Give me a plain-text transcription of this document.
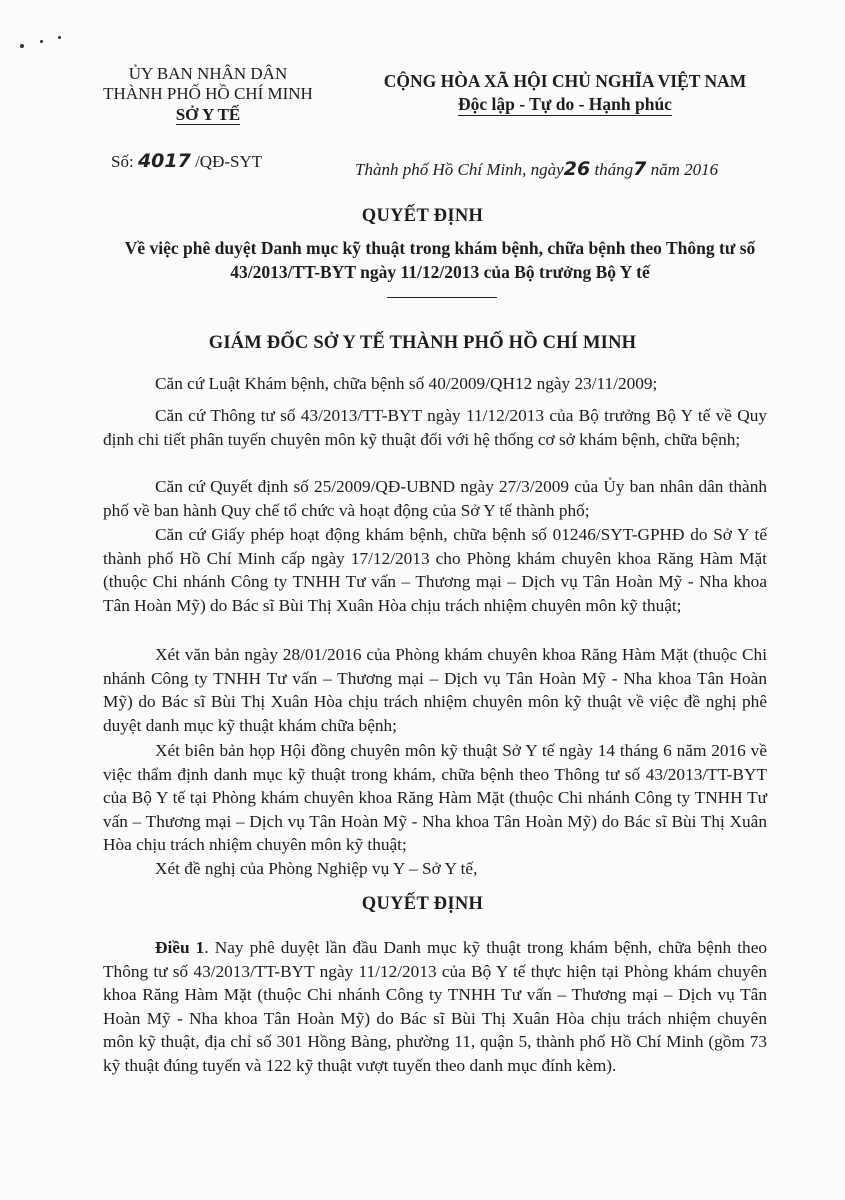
ỦY BAN NHÂN DÂN
THÀNH PHỐ HỒ CHÍ MINH
SỞ Y TẾ
CỘNG HÒA XÃ HỘI CHỦ NGHĨA VIỆT NAM
Độc lập - Tự do - Hạnh phúc
Số: 4017 /QĐ-SYT	Thành phố Hồ Chí Minh, ngày26 tháng7 năm 2016
QUYẾT ĐỊNH
Về việc phê duyệt Danh mục kỹ thuật trong khám bệnh, chữa bệnh theo Thông tư số 43/2013/TT-BYT ngày 11/12/2013 của Bộ trưởng Bộ Y tế
GIÁM ĐỐC SỞ Y TẾ THÀNH PHỐ HỒ CHÍ MINH
Căn cứ Luật Khám bệnh, chữa bệnh số 40/2009/QH12 ngày 23/11/2009;
Căn cứ Thông tư số 43/2013/TT-BYT ngày 11/12/2013 của Bộ trưởng Bộ Y tế về Quy định chi tiết phân tuyến chuyên môn kỹ thuật đối với hệ thống cơ sở khám bệnh, chữa bệnh;
Căn cứ Quyết định số 25/2009/QĐ-UBND ngày 27/3/2009 của Ủy ban nhân dân thành phố về ban hành Quy chế tổ chức và hoạt động của Sở Y tế thành phố;
Căn cứ Giấy phép hoạt động khám bệnh, chữa bệnh số 01246/SYT-GPHĐ do Sở Y tế thành phố Hồ Chí Minh cấp ngày 17/12/2013 cho Phòng khám chuyên khoa Răng Hàm Mặt (thuộc Chi nhánh Công ty TNHH Tư vấn – Thương mại – Dịch vụ Tân Hoàn Mỹ - Nha khoa Tân Hoàn Mỹ) do Bác sĩ Bùi Thị Xuân Hòa chịu trách nhiệm chuyên môn kỹ thuật;
Xét văn bản ngày 28/01/2016 của Phòng khám chuyên khoa Răng Hàm Mặt (thuộc Chi nhánh Công ty TNHH Tư vấn – Thương mại – Dịch vụ Tân Hoàn Mỹ - Nha khoa Tân Hoàn Mỹ) do Bác sĩ Bùi Thị Xuân Hòa chịu trách nhiệm chuyên môn kỹ thuật về việc đề nghị phê duyệt danh mục kỹ thuật khám chữa bệnh;
Xét biên bản họp Hội đồng chuyên môn kỹ thuật Sở Y tế ngày 14 tháng 6 năm 2016 về việc thẩm định danh mục kỹ thuật trong khám, chữa bệnh theo Thông tư số 43/2013/TT-BYT của Bộ Y tế tại Phòng khám chuyên khoa Răng Hàm Mặt (thuộc Chi nhánh Công ty TNHH Tư vấn – Thương mại – Dịch vụ Tân Hoàn Mỹ - Nha khoa Tân Hoàn Mỹ) do Bác sĩ Bùi Thị Xuân Hòa chịu trách nhiệm chuyên môn kỹ thuật;
Xét đề nghị của Phòng Nghiệp vụ Y – Sở Y tế,
QUYẾT ĐỊNH
Điều 1. Nay phê duyệt lần đầu Danh mục kỹ thuật trong khám bệnh, chữa bệnh theo Thông tư số 43/2013/TT-BYT ngày 11/12/2013 của Bộ Y tế thực hiện tại Phòng khám chuyên khoa Răng Hàm Mặt (thuộc Chi nhánh Công ty TNHH Tư vấn – Thương mại – Dịch vụ Tân Hoàn Mỹ - Nha khoa Tân Hoàn Mỹ) do Bác sĩ Bùi Thị Xuân Hòa chịu trách nhiệm chuyên môn kỹ thuật, địa chỉ số 301 Hồng Bàng, phường 11, quận 5, thành phố Hồ Chí Minh (gồm 73 kỹ thuật đúng tuyến và 122 kỹ thuật vượt tuyến theo danh mục đính kèm).
